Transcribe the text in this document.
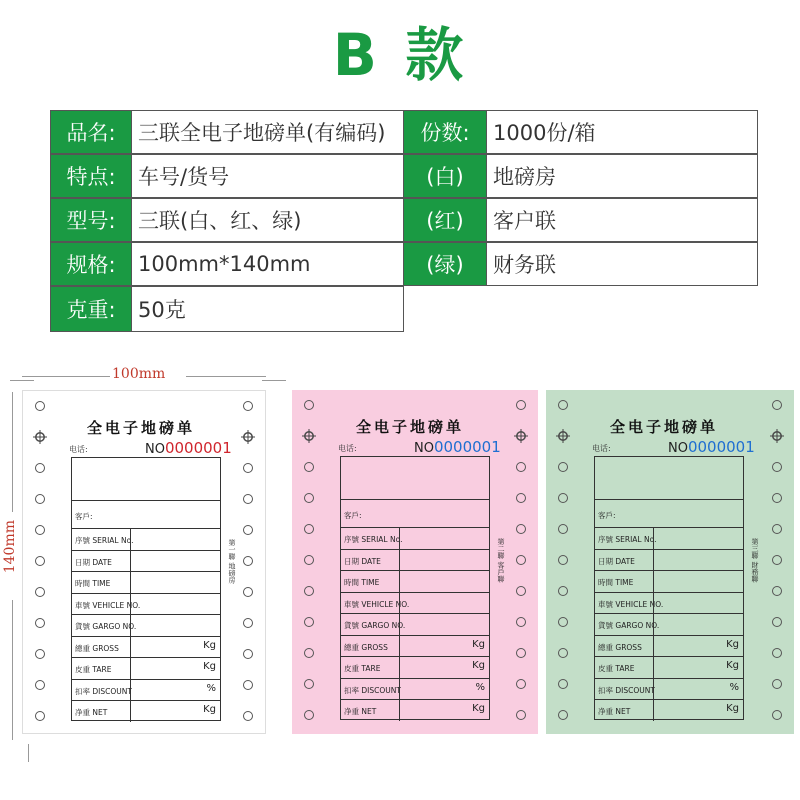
B 款
品名:	三联全电子地磅单(有编码)	份数:	1000份/箱
特点:	车号/货号	(白)	地磅房
型号:	三联(白、红、绿)	(红)	客户联
规格:	100mm*140mm	(绿)	财务联
克重:	50克
100mm
140mm
全电子地磅单
电话:	NO0000001
客戶:
序號 SERIAL No.
日期 DATE
時間 TIME
車號 VEHICLE NO.
貨號 GARGO NO.
總重 GROSS	Kg
皮重 TARE	Kg
扣率 DISCOUNT	%
净重 NET	Kg
第一聯 地磅房
全电子地磅单
电话:	NO0000001
客戶:
序號 SERIAL No.
日期 DATE
時間 TIME
車號 VEHICLE NO.
貨號 GARGO NO.
總重 GROSS	Kg
皮重 TARE	Kg
扣率 DISCOUNT	%
净重 NET	Kg
第二聯 客戶聯
全电子地磅单
电话:	NO0000001
客戶:
序號 SERIAL No.
日期 DATE
時間 TIME
車號 VEHICLE NO.
貨號 GARGO NO.
總重 GROSS	Kg
皮重 TARE	Kg
扣率 DISCOUNT	%
净重 NET	Kg
第三聯 財務聯
